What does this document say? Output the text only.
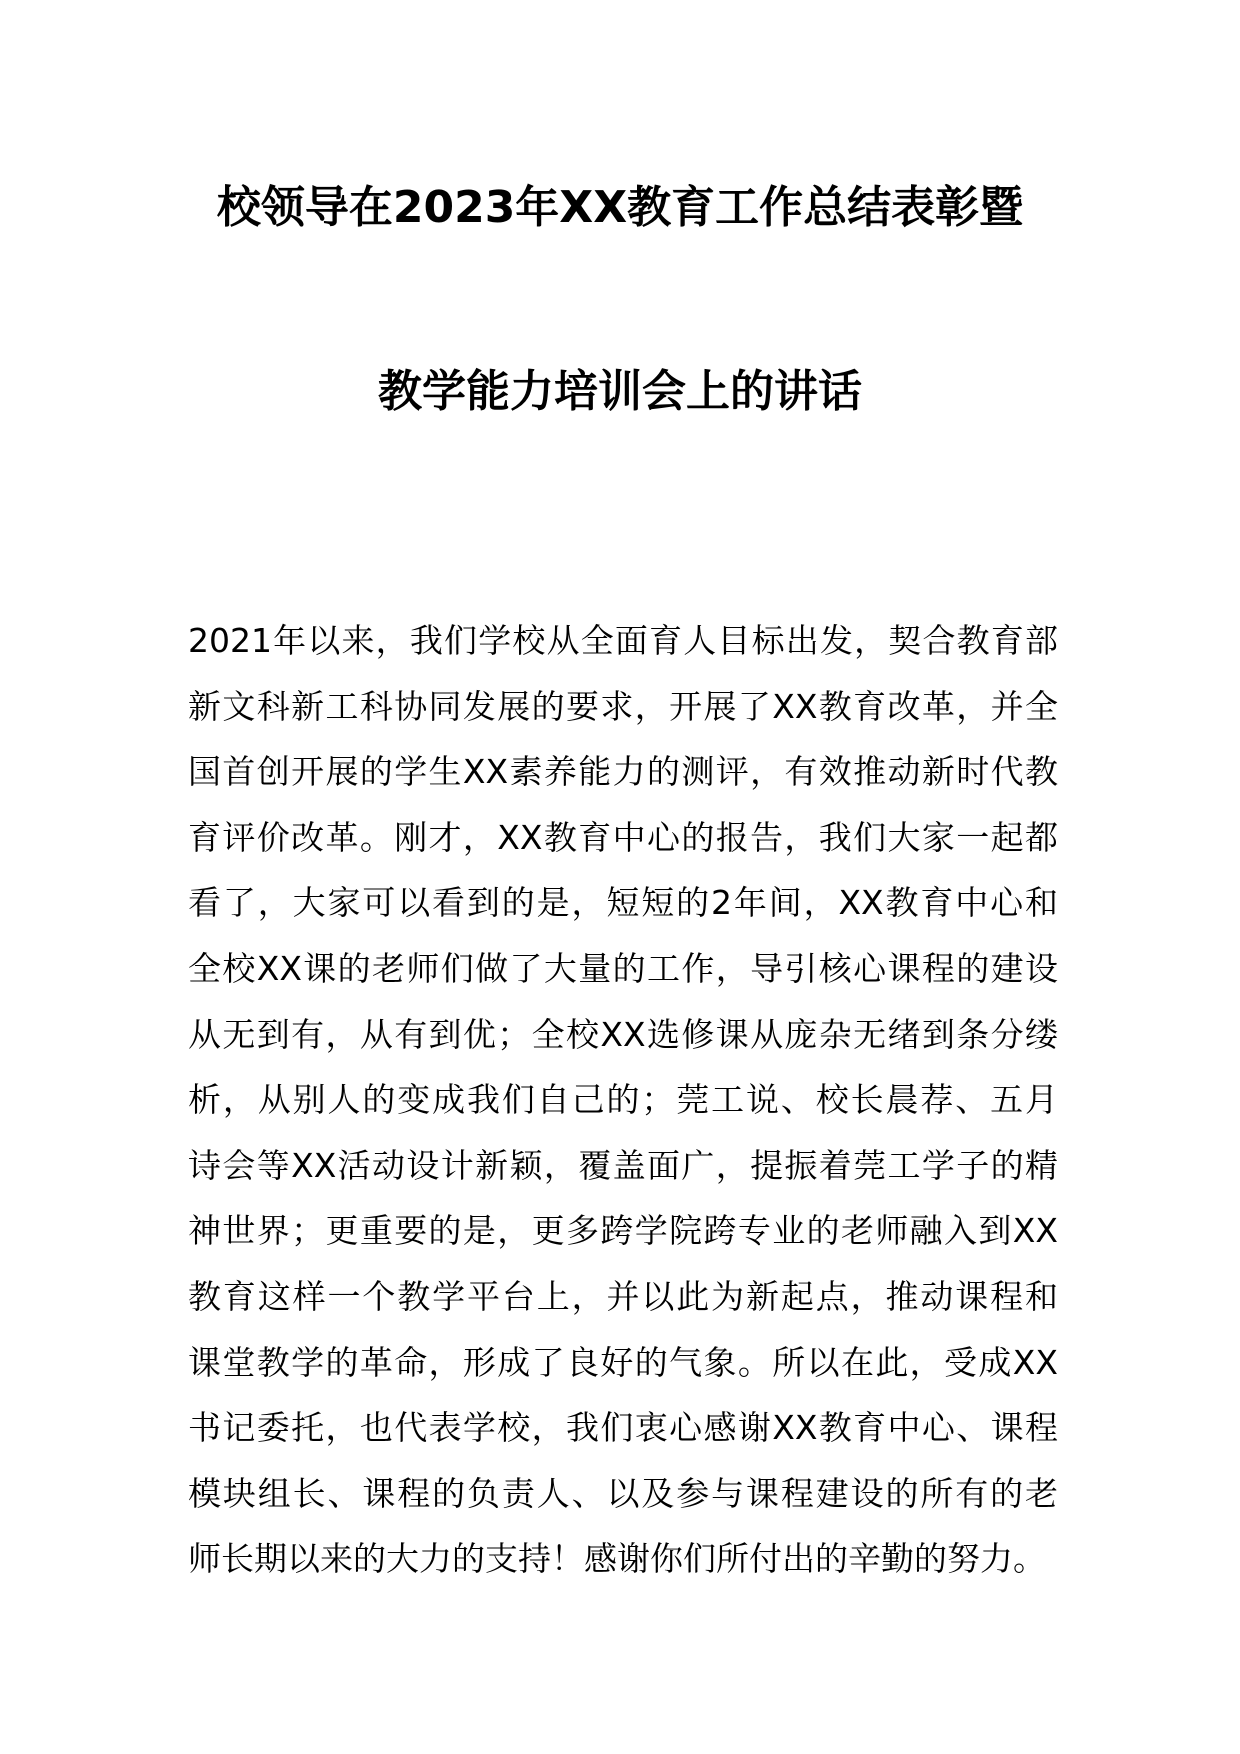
校领导在2023年XX教育工作总结表彰暨
教学能力培训会上的讲话
2021年以来，我们学校从全面育人目标出发，契合教育部
新文科新工科协同发展的要求，开展了XX教育改革，并全
国首创开展的学生XX素养能力的测评，有效推动新时代教
育评价改革。刚才，XX教育中心的报告，我们大家一起都
看了，大家可以看到的是，短短的2年间，XX教育中心和
全校XX课的老师们做了大量的工作，导引核心课程的建设
从无到有，从有到优；全校XX选修课从庞杂无绪到条分缕
析，从别人的变成我们自己的；莞工说、校长晨荐、五月
诗会等XX活动设计新颖，覆盖面广，提振着莞工学子的精
神世界；更重要的是，更多跨学院跨专业的老师融入到XX
教育这样一个教学平台上，并以此为新起点，推动课程和
课堂教学的革命，形成了良好的气象。所以在此，受成XX
书记委托，也代表学校，我们衷心感谢XX教育中心、课程
模块组长、课程的负责人、以及参与课程建设的所有的老
师长期以来的大力的支持！感谢你们所付出的辛勤的努力。
